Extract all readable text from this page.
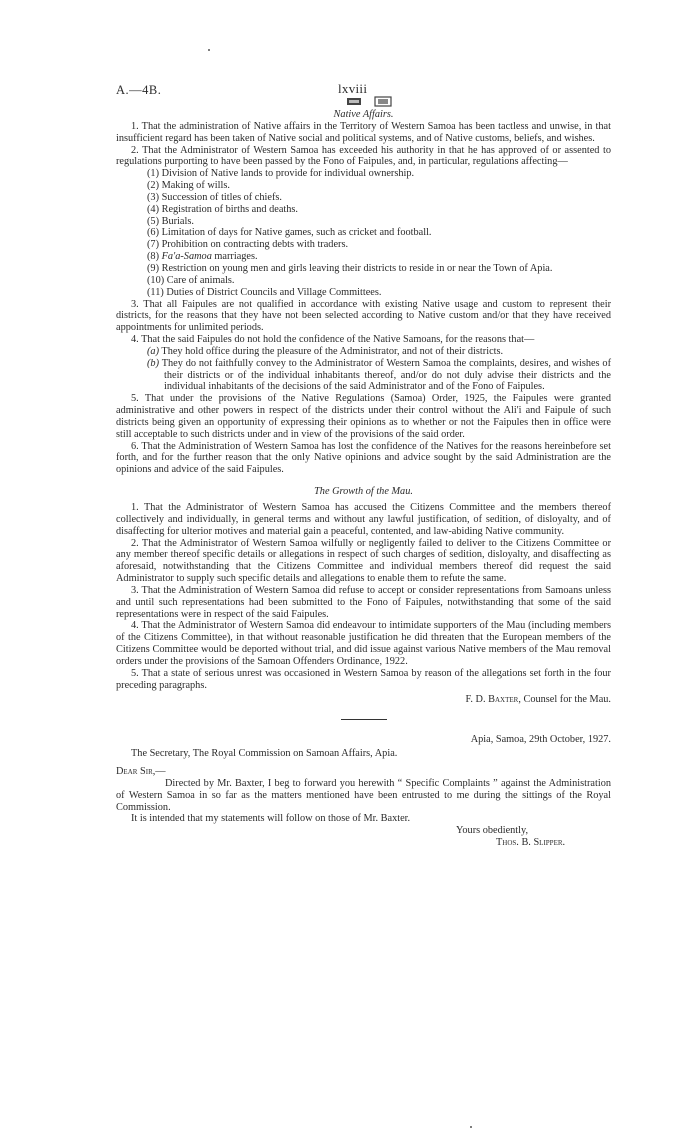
A.—4B.	lxviii

Native Affairs.

1. That the administration of Native affairs in the Territory of Western Samoa has been tactless and unwise, in that insufficient regard has been taken of Native social and political systems, and of Native customs, beliefs, and wishes.

2. That the Administrator of Western Samoa has exceeded his authority in that he has approved of or assented to regulations purporting to have been passed by the Fono of Faipules, and, in particular, regulations affecting—

(1) Division of Native lands to provide for individual ownership.
(2) Making of wills.
(3) Succession of titles of chiefs.
(4) Registration of births and deaths.
(5) Burials.
(6) Limitation of days for Native games, such as cricket and football.
(7) Prohibition on contracting debts with traders.
(8) Fa'a-Samoa marriages.
(9) Restriction on young men and girls leaving their districts to reside in or near the Town of Apia.
(10) Care of animals.
(11) Duties of District Councils and Village Committees.

3. That all Faipules are not qualified in accordance with existing Native usage and custom to represent their districts, for the reasons that they have not been selected according to Native custom and/or that they have received appointments for unlimited periods.

4. That the said Faipules do not hold the confidence of the Native Samoans, for the reasons that—

(a) They hold office during the pleasure of the Administrator, and not of their districts.
(b) They do not faithfully convey to the Administrator of Western Samoa the complaints, desires, and wishes of their districts or of the individual inhabitants thereof, and/or do not duly advise their districts and the individual inhabitants of the decisions of the said Administrator and of the Fono of Faipules.

5. That under the provisions of the Native Regulations (Samoa) Order, 1925, the Faipules were granted administrative and other powers in respect of the districts under their control without the Ali'i and Faipule of such districts being given an opportunity of expressing their opinions as to whether or not the Faipules then in office were still acceptable to such districts under and in view of the provisions of the said order.

6. That the Administration of Western Samoa has lost the confidence of the Natives for the reasons hereinbefore set forth, and for the further reason that the only Native opinions and advice sought by the said Administration are the opinions and advice of the said Faipules.

The Growth of the Mau.

1. That the Administrator of Western Samoa has accused the Citizens Committee and the members thereof collectively and individually, in general terms and without any lawful justification, of sedition, of disloyalty, and of disaffecting for ulterior motives and material gain a peaceful, contented, and law-abiding Native community.

2. That the Administrator of Western Samoa wilfully or negligently failed to deliver to the Citizens Committee or any member thereof specific details or allegations in respect of such charges of sedition, disloyalty, and disaffecting as aforesaid, notwithstanding that the Citizens Committee and individual members thereof did request the said Administrator to supply such specific details and allegations to enable them to refute the same.

3. That the Administration of Western Samoa did refuse to accept or consider representations from Samoans unless and until such representations had been submitted to the Fono of Faipules, notwithstanding that some of the said representations were in respect of the said Faipules.

4. That the Administrator of Western Samoa did endeavour to intimidate supporters of the Mau (including members of the Citizens Committee), in that without reasonable justification he did threaten that the European members of the Citizens Committee would be deported without trial, and did issue against various Native members of the Mau removal orders under the provisions of the Samoan Offenders Ordinance, 1922.

5. That a state of serious unrest was occasioned in Western Samoa by reason of the allegations set forth in the four preceding paragraphs.

F. D. Baxter, Counsel for the Mau.

Apia, Samoa, 29th October, 1927.

The Secretary, The Royal Commission on Samoan Affairs, Apia.

Dear Sir,—

Directed by Mr. Baxter, I beg to forward you herewith “ Specific Complaints ” against the Administration of Western Samoa in so far as the matters mentioned have been entrusted to me during the sittings of the Royal Commission.

It is intended that my statements will follow on those of Mr. Baxter.

Yours obediently,

Thos. B. Slipper.
